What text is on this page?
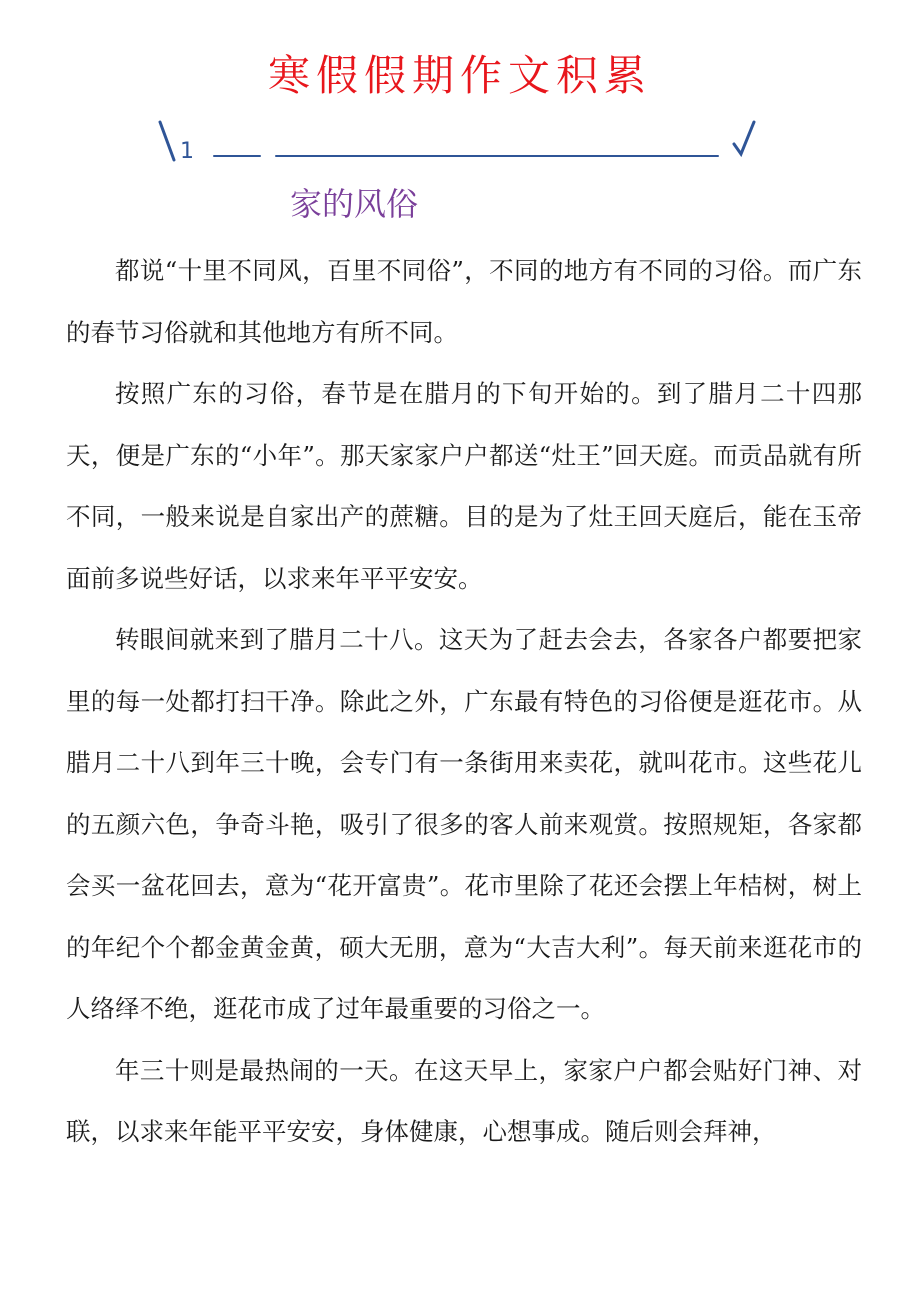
寒假假期作文积累
1
家的风俗

都说“十里不同风，百里不同俗”，不同的地方有不同的习俗。而广东的春节习俗就和其他地方有所不同。

按照广东的习俗，春节是在腊月的下旬开始的。到了腊月二十四那天，便是广东的“小年”。那天家家户户都送“灶王”回天庭。而贡品就有所不同，一般来说是自家出产的蔗糖。目的是为了灶王回天庭后，能在玉帝面前多说些好话，以求来年平平安安。

转眼间就来到了腊月二十八。这天为了赶去会去，各家各户都要把家里的每一处都打扫干净。除此之外，广东最有特色的习俗便是逛花市。从腊月二十八到年三十晚，会专门有一条街用来卖花，就叫花市。这些花儿的五颜六色，争奇斗艳，吸引了很多的客人前来观赏。按照规矩，各家都会买一盆花回去，意为“花开富贵”。花市里除了花还会摆上年桔树，树上的年纪个个都金黄金黄，硕大无朋，意为“大吉大利”。每天前来逛花市的人络绎不绝，逛花市成了过年最重要的习俗之一。

年三十则是最热闹的一天。在这天早上，家家户户都会贴好门神、对联，以求来年能平平安安，身体健康，心想事成。随后则会拜神，
